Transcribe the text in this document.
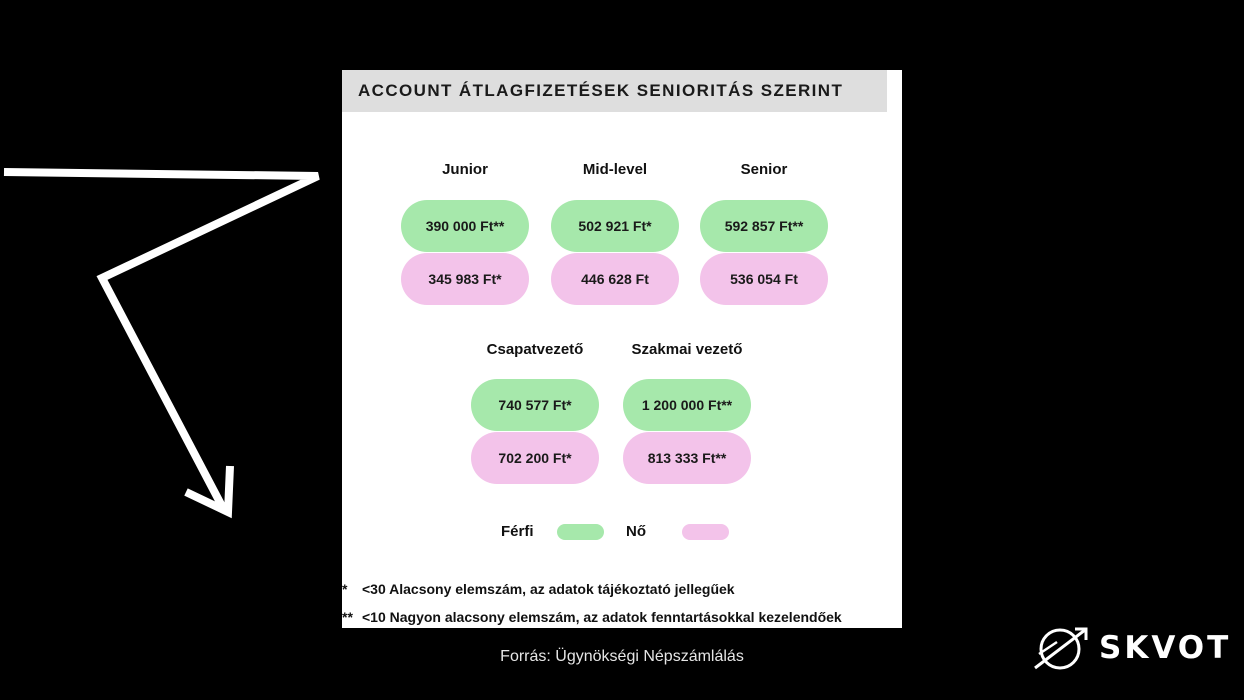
ACCOUNT ÁTLAGFIZETÉSEK SENIORITÁS SZERINT
Junior
390 000 Ft**
345 983 Ft*
Mid-level
502 921 Ft*
446 628 Ft
Senior
592 857 Ft**
536 054 Ft
Csapatvezető
740 577 Ft*
702 200 Ft*
Szakmai vezető
1 200 000 Ft**
813 333 Ft**
Férfi	Nő
* <30 Alacsony elemszám, az adatok tájékoztató jellegűek
** <10 Nagyon alacsony elemszám, az adatok fenntartásokkal kezelendőek
Forrás: Ügynökségi Népszámlálás	SKVOT
